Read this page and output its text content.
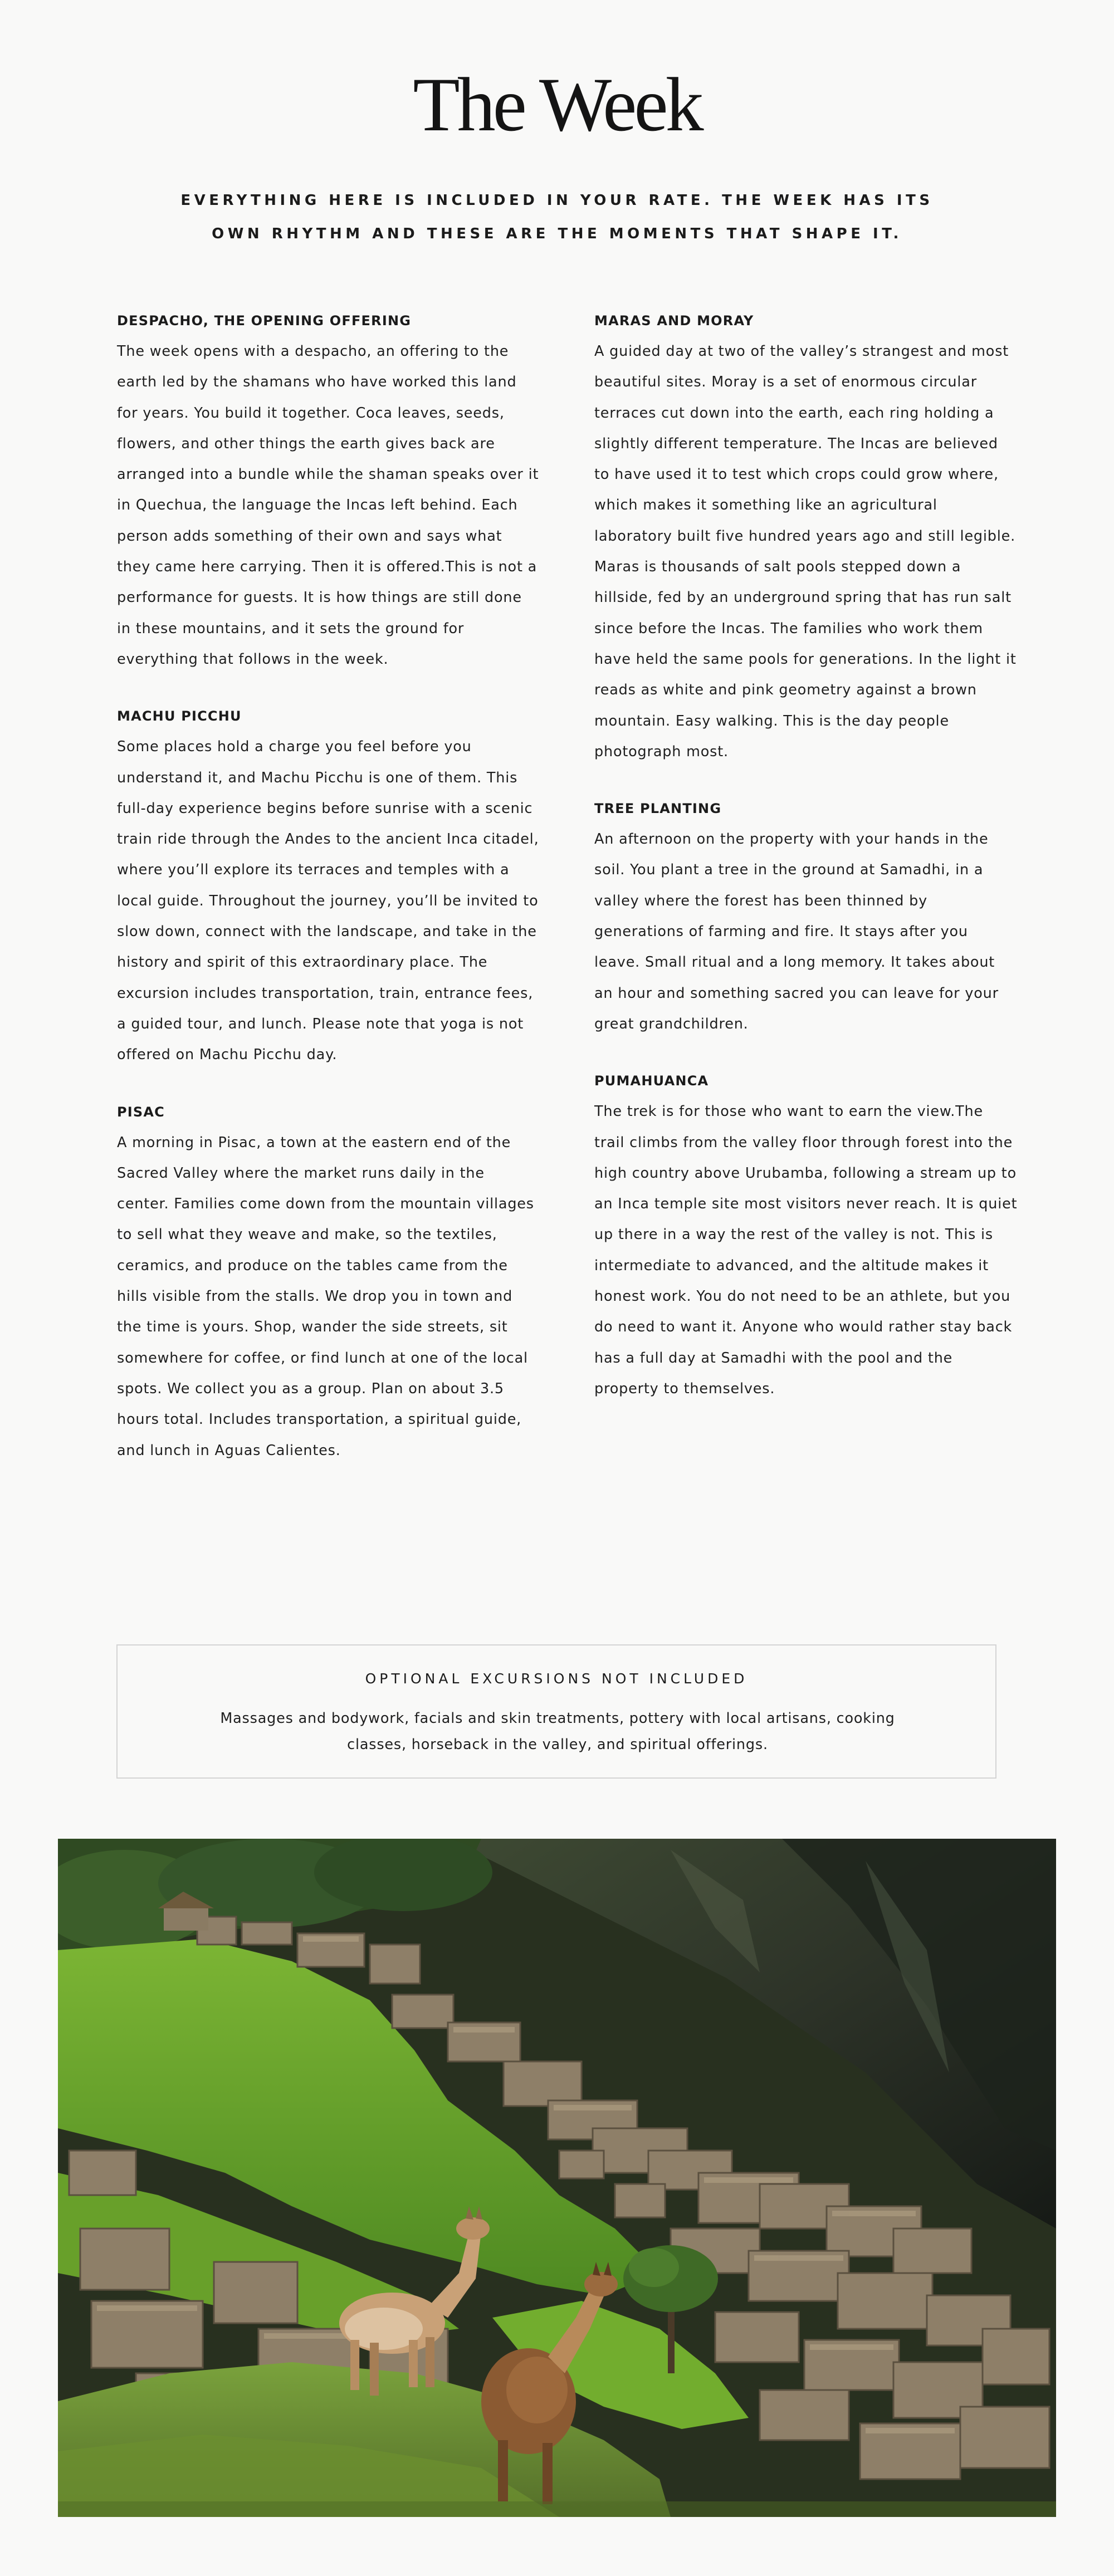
The Week
EVERYTHING HERE IS INCLUDED IN YOUR RATE. THE WEEK HAS ITS OWN RHYTHM AND THESE ARE THE MOMENTS THAT SHAPE IT.
DESPACHO, THE OPENING OFFERING

The week opens with a despacho, an offering to the earth led by the shamans who have worked this land for years. You build it together. Coca leaves, seeds, flowers, and other things the earth gives back are arranged into a bundle while the shaman speaks over it in Quechua, the language the Incas left behind. Each person adds something of their own and says what they came here carrying. Then it is offered.This is not a performance for guests. It is how things are still done in these mountains, and it sets the ground for everything that follows in the week.

MACHU PICCHU

Some places hold a charge you feel before you understand it, and Machu Picchu is one of them. This full-day experience begins before sunrise with a scenic train ride through the Andes to the ancient Inca citadel, where you’ll explore its terraces and temples with a local guide. Throughout the journey, you’ll be invited to slow down, connect with the landscape, and take in the history and spirit of this extraordinary place. The excursion includes transportation, train, entrance fees, a guided tour, and lunch. Please note that yoga is not offered on Machu Picchu day.

PISAC

A morning in Pisac, a town at the eastern end of the Sacred Valley where the market runs daily in the center. Families come down from the mountain villages to sell what they weave and make, so the textiles, ceramics, and produce on the tables came from the hills visible from the stalls. We drop you in town and the time is yours. Shop, wander the side streets, sit somewhere for coffee, or find lunch at one of the local spots. We collect you as a group. Plan on about 3.5 hours total. Includes transportation, a spiritual guide, and lunch in Aguas Calientes.

MARAS AND MORAY

A guided day at two of the valley’s strangest and most beautiful sites. Moray is a set of enormous circular terraces cut down into the earth, each ring holding a slightly different temperature. The Incas are believed to have used it to test which crops could grow where, which makes it something like an agricultural laboratory built five hundred years ago and still legible. Maras is thousands of salt pools stepped down a hillside, fed by an underground spring that has run salt since before the Incas. The families who work them have held the same pools for generations. In the light it reads as white and pink geometry against a brown mountain. Easy walking. This is the day people photograph most.

TREE PLANTING

An afternoon on the property with your hands in the soil. You plant a tree in the ground at Samadhi, in a valley where the forest has been thinned by generations of farming and fire. It stays after you leave. Small ritual and a long memory. It takes about an hour and something sacred you can leave for your great grandchildren.

PUMAHUANCA

The trek is for those who want to earn the view.The trail climbs from the valley floor through forest into the high country above Urubamba, following a stream up to an Inca temple site most visitors never reach. It is quiet up there in a way the rest of the valley is not. This is intermediate to advanced, and the altitude makes it honest work. You do not need to be an athlete, but you do need to want it. Anyone who would rather stay back has a full day at Samadhi with the pool and the property to themselves.

OPTIONAL EXCURSIONS NOT INCLUDED

Massages and bodywork, facials and skin treatments, pottery with local artisans, cooking classes, horseback in the valley, and spiritual offerings.
